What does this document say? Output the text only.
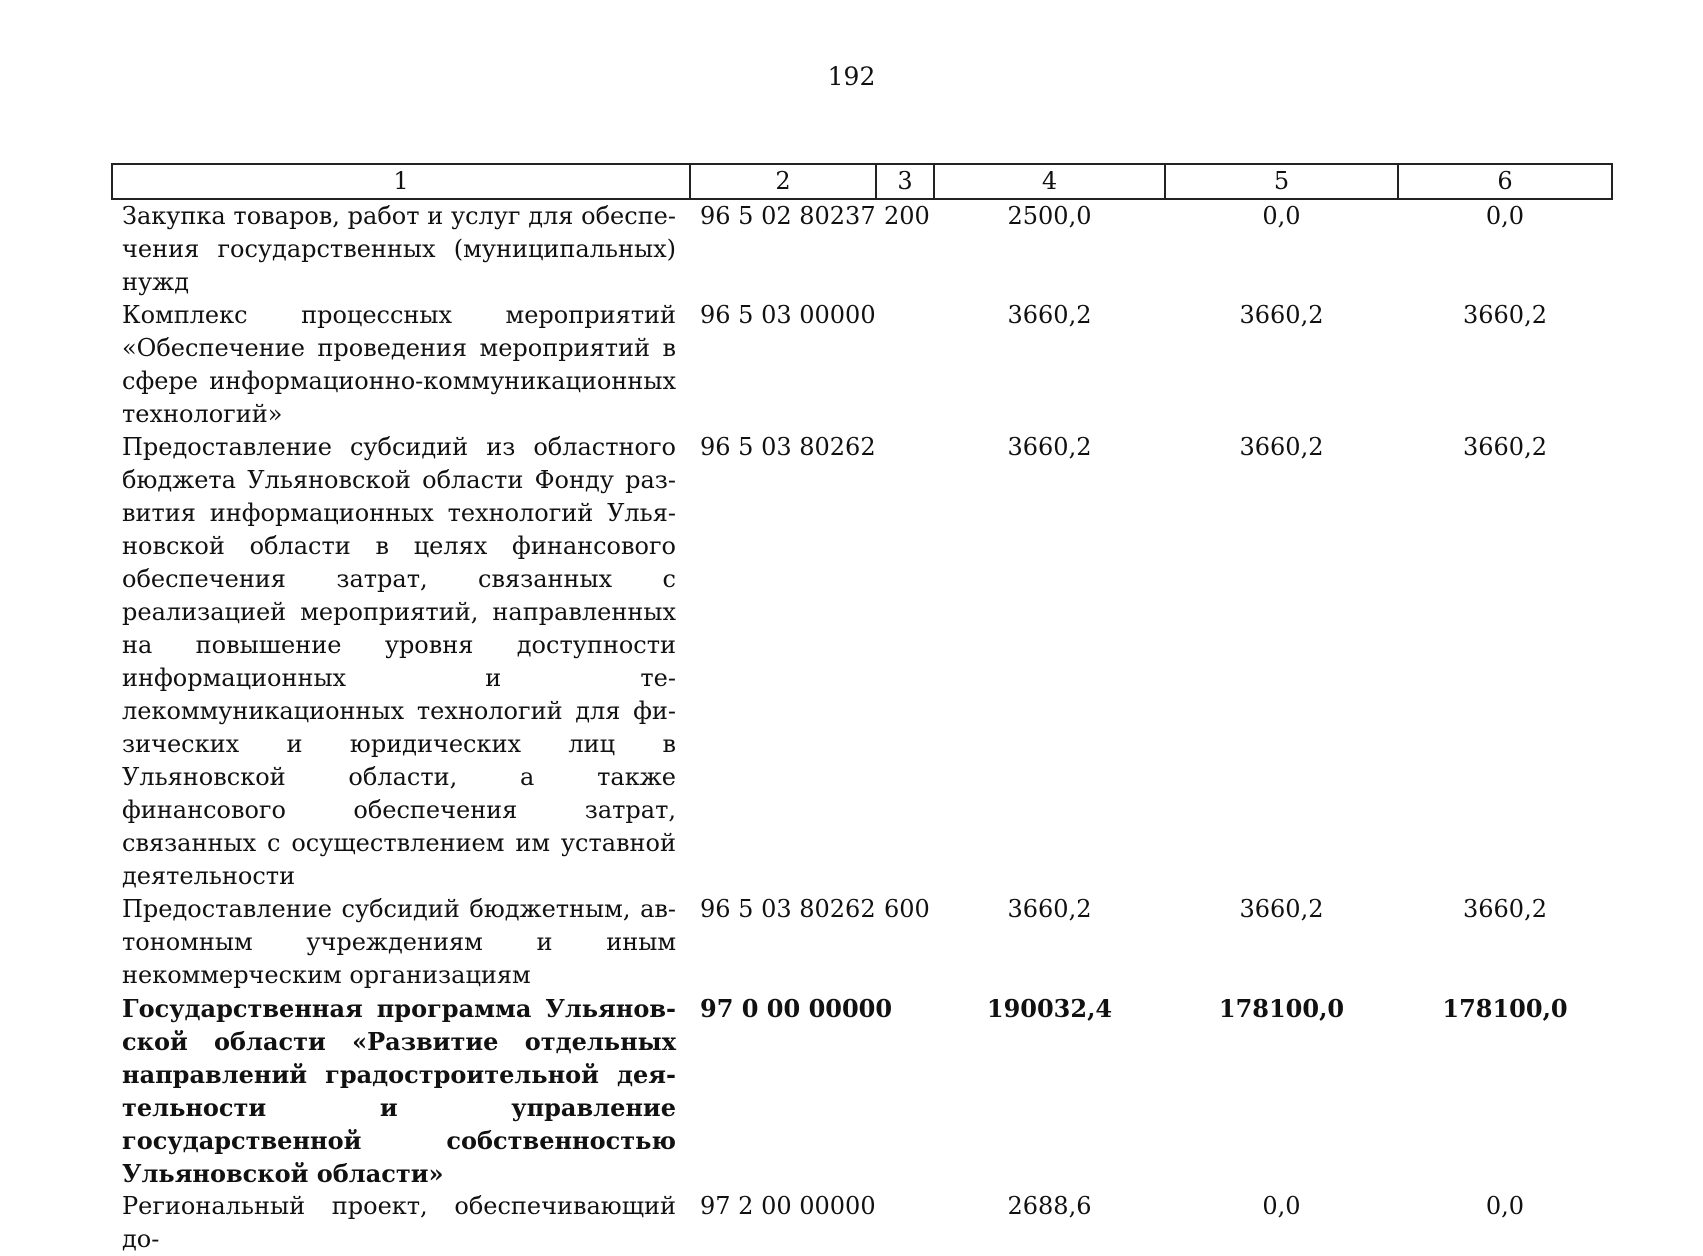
192
1	2	3	4	5	6
Закупка товаров, работ и услуг для обеспечения государственных (муниципальных) нужд	96 5 02 80237	200	2500,0	0,0	0,0
Комплекс процессных мероприятий «Обеспечение проведения мероприятий в сфере информационно-коммуникационных технологий»	96 5 03 00000		3660,2	3660,2	3660,2
Предоставление субсидий из областного бюджета Ульяновской области Фонду развития информационных технологий Ульяновской области в целях финансового обеспечения затрат, связанных с реализацией мероприятий, направленных на повышение уровня доступности информационных и телекоммуникационных технологий для физических и юридических лиц в Ульяновской области, а также финансового обеспечения затрат, связанных с осуществлением им уставной деятельности	96 5 03 80262		3660,2	3660,2	3660,2
Предоставление субсидий бюджетным, автономным учреждениям и иным некоммерческим организациям	96 5 03 80262	600	3660,2	3660,2	3660,2
Государственная программа Ульяновской области «Развитие отдельных направлений градостроительной деятельности и управление государственной собственностью Ульяновской области»	97 0 00 00000		190032,4	178100,0	178100,0
Региональный проект, обеспечивающий до-	97 2 00 00000		2688,6	0,0	0,0
